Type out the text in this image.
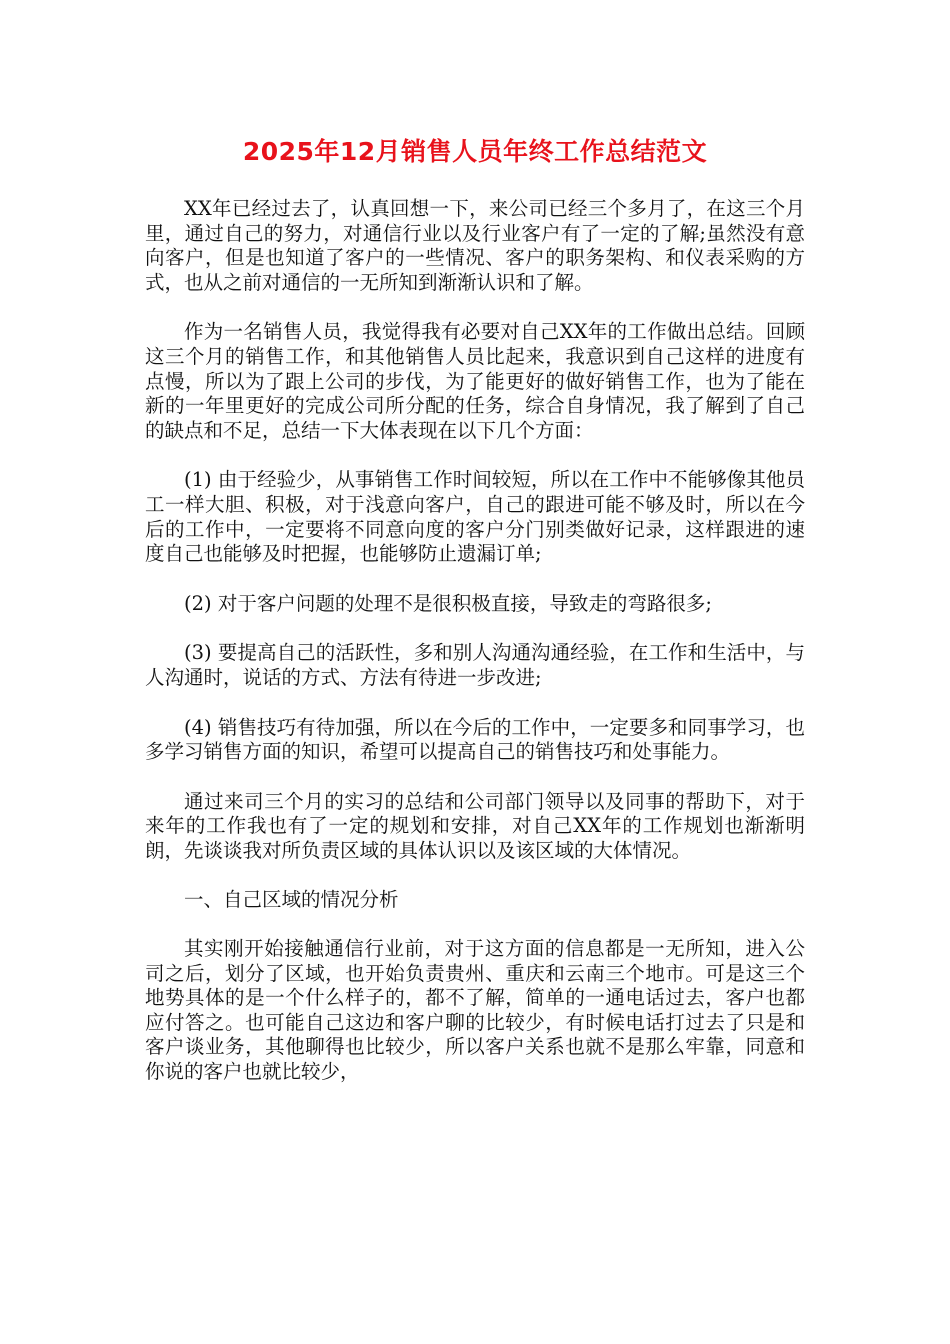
2025年12月销售人员年终工作总结范文

XX年已经过去了，认真回想一下，来公司已经三个多月了，在这三个月里，通过自己的努力，对通信行业以及行业客户有了一定的了解;虽然没有意向客户，但是也知道了客户的一些情况、客户的职务架构、和仪表采购的方式，也从之前对通信的一无所知到渐渐认识和了解。

作为一名销售人员，我觉得我有必要对自己XX年的工作做出总结。回顾这三个月的销售工作，和其他销售人员比起来，我意识到自己这样的进度有点慢，所以为了跟上公司的步伐，为了能更好的做好销售工作，也为了能在新的一年里更好的完成公司所分配的任务，综合自身情况，我了解到了自己的缺点和不足，总结一下大体表现在以下几个方面：

(1) 由于经验少，从事销售工作时间较短，所以在工作中不能够像其他员工一样大胆、积极，对于浅意向客户，自己的跟进可能不够及时，所以在今后的工作中，一定要将不同意向度的客户分门别类做好记录，这样跟进的速度自己也能够及时把握，也能够防止遗漏订单;

(2) 对于客户问题的处理不是很积极直接，导致走的弯路很多;

(3) 要提高自己的活跃性，多和别人沟通沟通经验，在工作和生活中，与人沟通时，说话的方式、方法有待进一步改进;

(4) 销售技巧有待加强，所以在今后的工作中，一定要多和同事学习，也多学习销售方面的知识，希望可以提高自己的销售技巧和处事能力。

通过来司三个月的实习的总结和公司部门领导以及同事的帮助下，对于来年的工作我也有了一定的规划和安排，对自己XX年的工作规划也渐渐明朗，先谈谈我对所负责区域的具体认识以及该区域的大体情况。

一、自己区域的情况分析

其实刚开始接触通信行业前，对于这方面的信息都是一无所知，进入公司之后，划分了区域，也开始负责贵州、重庆和云南三个地市。可是这三个地势具体的是一个什么样子的，都不了解，简单的一通电话过去，客户也都应付答之。也可能自己这边和客户聊的比较少，有时候电话打过去了只是和客户谈业务，其他聊得也比较少，所以客户关系也就不是那么牢靠，同意和你说的客户也就比较少，
